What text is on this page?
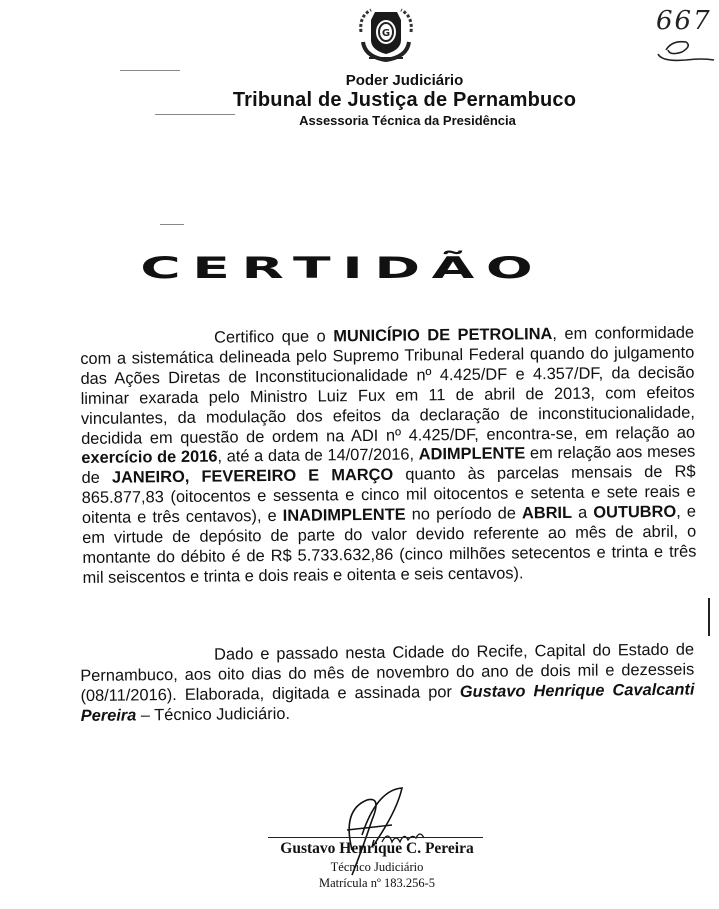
G	667
Poder Judiciário
Tribunal de Justiça de Pernambuco
Assessoria Técnica da Presidência
CERTIDÃO
Certifico que o MUNICÍPIO DE PETROLINA, em conformidade com a sistemática delineada pelo Supremo Tribunal Federal quando do julgamento das Ações Diretas de Inconstitucionalidade nº 4.425/DF e 4.357/DF, da decisão liminar exarada pelo Ministro Luiz Fux em 11 de abril de 2013, com efeitos vinculantes, da modulação dos efeitos da declaração de inconstitucionalidade, decidida em questão de ordem na ADI nº 4.425/DF, encontra-se, em relação ao exercício de 2016, até a data de 14/07/2016, ADIMPLENTE em relação aos meses de JANEIRO, FEVEREIRO E MARÇO quanto às parcelas mensais de R$ 865.877,83 (oitocentos e sessenta e cinco mil oitocentos e setenta e sete reais e oitenta e três centavos), e INADIMPLENTE no período de ABRIL a OUTUBRO, e em virtude de depósito de parte do valor devido referente ao mês de abril, o montante do débito é de R$ 5.733.632,86 (cinco milhões setecentos e trinta e três mil seiscentos e trinta e dois reais e oitenta e seis centavos).
Dado e passado nesta Cidade do Recife, Capital do Estado de Pernambuco, aos oito dias do mês de novembro do ano de dois mil e dezesseis (08/11/2016). Elaborada, digitada e assinada por Gustavo Henrique Cavalcanti Pereira – Técnico Judiciário.
Gustavo Henrique C. Pereira
Técnico Judiciário
Matrícula nº 183.256-5
